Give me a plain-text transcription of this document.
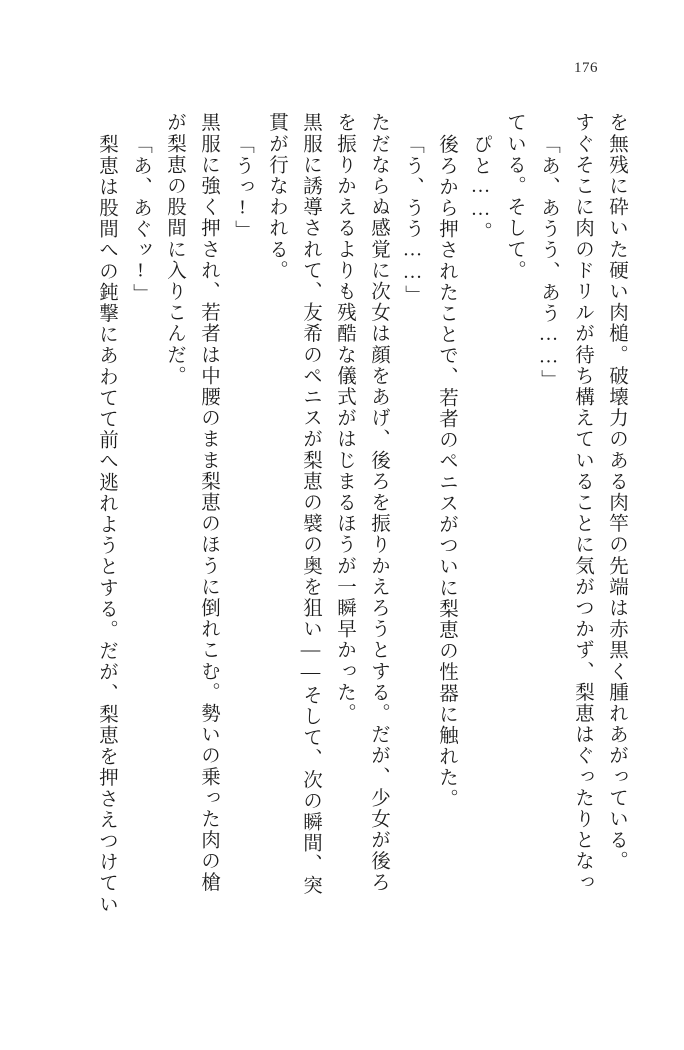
176
を無残に砕いた硬い肉槌。破壊力のある肉竿の先端は赤黒く腫れあがっている。
すぐそこに肉のドリルが待ち構えていることに気がつかず、梨恵はぐったりとなっ
「あ、あうう、あう……」
ている。そして。
ぴと……。
後ろから押されたことで、若者のペニスがついに梨恵の性器に触れた。
「う、うう……」
ただならぬ感覚に次女は顔をあげ、後ろを振りかえろうとする。だが、少女が後ろ
を振りかえるよりも残酷な儀式がはじまるほうが一瞬早かった。
黒服に誘導されて、友希のペニスが梨恵の襞の奥を狙い——そして、次の瞬間、突
貫が行なわれる。
「うっ!」
黒服に強く押され、若者は中腰のまま梨恵のほうに倒れこむ。勢いの乗った肉の槍
が梨恵の股間に入りこんだ。
「あ、あぐッ!」
梨恵は股間への鈍撃にあわてて前へ逃れようとする。だが、梨恵を押さえつけてい
